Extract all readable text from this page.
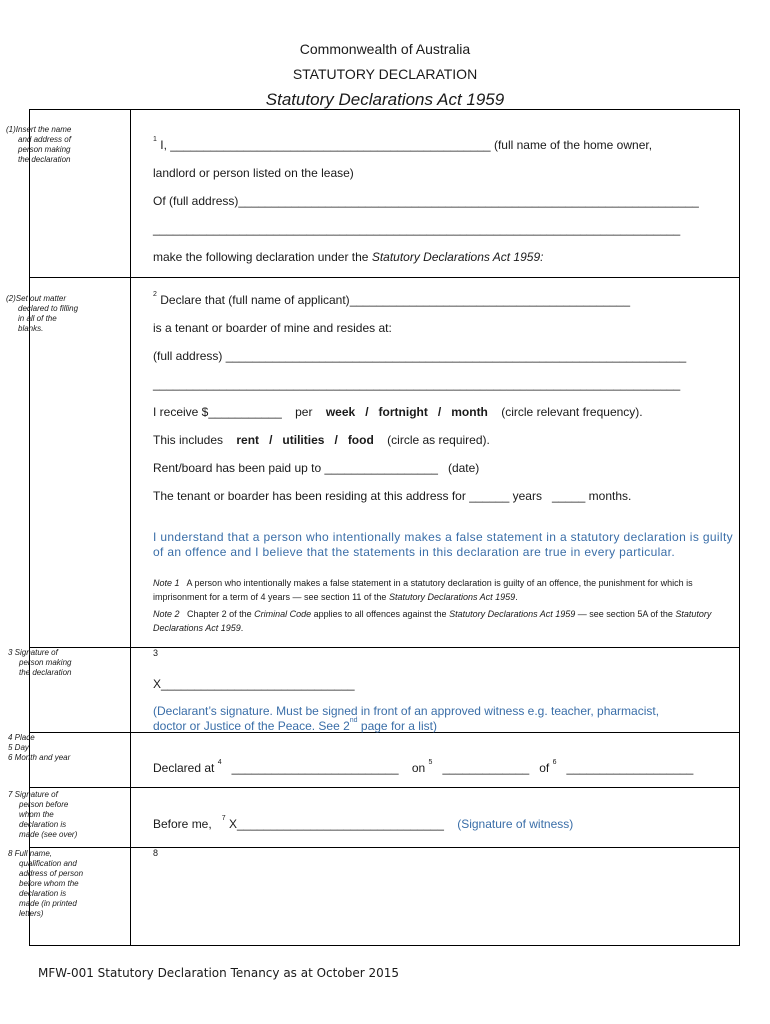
Commonwealth of Australia
STATUTORY DECLARATION
Statutory Declarations Act 1959
(1)Insert the name
and address of
person making
the declaration
$^1$ I, ________________________________________________ (full name of the home owner,
landlord or person listed on the lease)
Of (full address)_____________________________________________________________________
_______________________________________________________________________________
make the following declaration under the Statutory Declarations Act 1959:
(2)Set out matter
declared to filling
in all of the
blanks.
$^2$ Declare that (full name of applicant)__________________________________________
is a tenant or boarder of mine and resides at:
(full address) _____________________________________________________________________
_______________________________________________________________________________
I receive $___________ per week / fortnight / month (circle relevant frequency).
This includes rent / utilities / food (circle as required).
Rent/board has been paid up to _________________ (date)
The tenant or boarder has been residing at this address for ______ years _____ months.
I understand that a person who intentionally makes a false statement in a statutory declaration is guilty of an offence and I believe that the statements in this declaration are true in every particular.
Note 1 A person who intentionally makes a false statement in a statutory declaration is guilty of an offence, the punishment for which is imprisonment for a term of 4 years — see section 11 of the Statutory Declarations Act 1959.
Note 2 Chapter 2 of the Criminal Code applies to all offences against the Statutory Declarations Act 1959 — see section 5A of the Statutory Declarations Act 1959.
3 Signature of
person making
the declaration
3
X_____________________________
(Declarant’s signature. Must be signed in front of an approved witness e.g. teacher, pharmacist,
doctor or Justice of the Peace. See 2nd page for a list)
4 Place
5 Day
6 Month and year
Declared at $^4$ _________________________ on $^5$ _____________ of $^6$ ___________________
7 Signature of
person before
whom the
declaration is
made (see over)
Before me, $^7$ X_______________________________ (Signature of witness)
8 Full name,
qualification and
address of person
before whom the
declaration is
made (in printed
letters)
8
MFW-001 Statutory Declaration Tenancy as at October 2015
